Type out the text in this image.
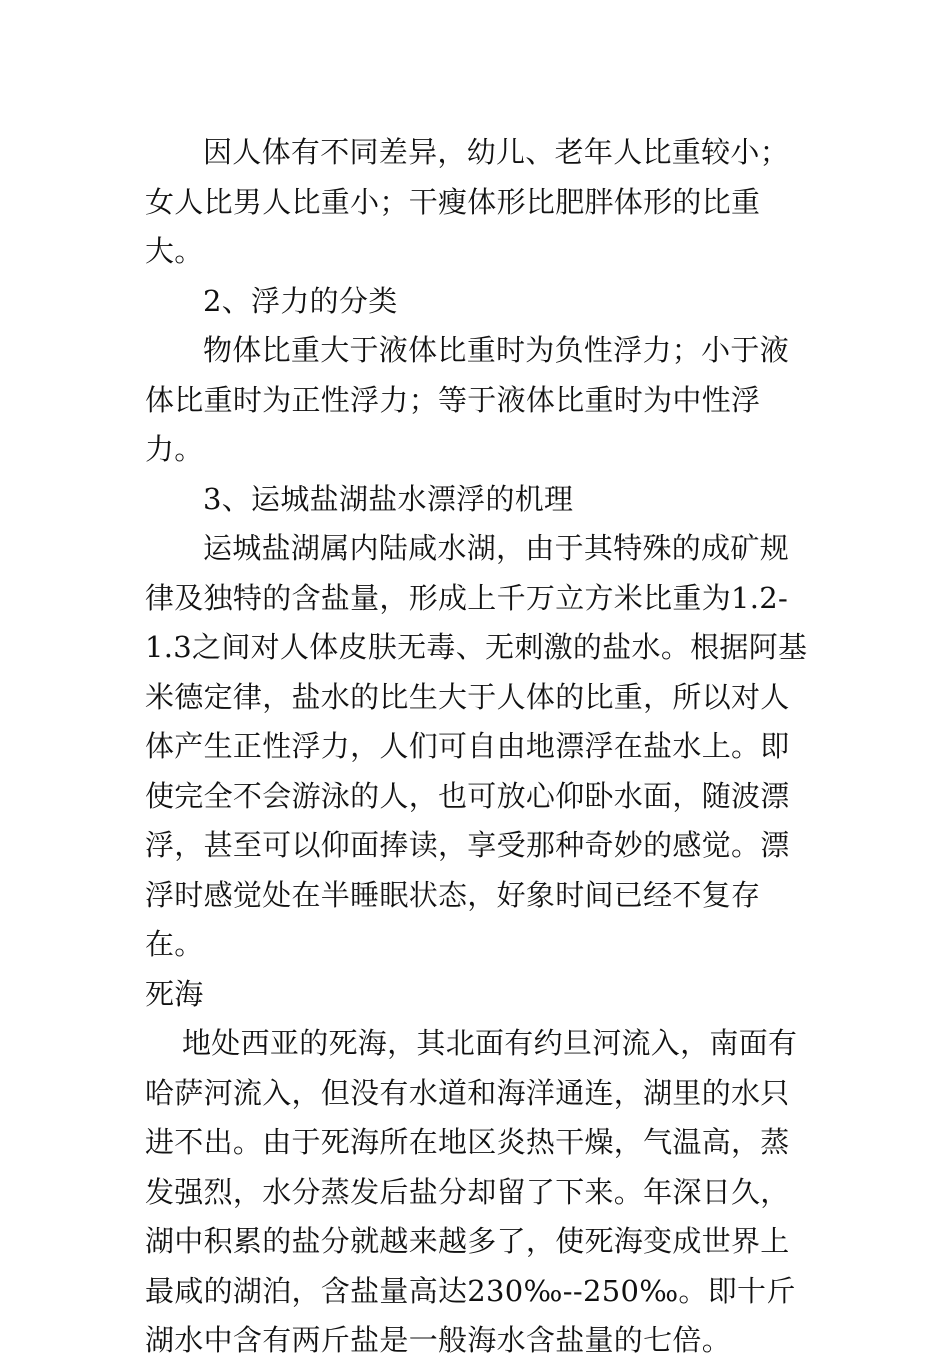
因人体有不同差异，幼儿、老年人比重较小；女人比男人比重小；干瘦体形比肥胖体形的比重大。

2、浮力的分类

物体比重大于液体比重时为负性浮力；小于液体比重时为正性浮力；等于液体比重时为中性浮力。

3、运城盐湖盐水漂浮的机理

运城盐湖属内陆咸水湖，由于其特殊的成矿规律及独特的含盐量，形成上千万立方米比重为1.2-1.3之间对人体皮肤无毒、无刺激的盐水。根据阿基米德定律，盐水的比生大于人体的比重，所以对人体产生正性浮力，人们可自由地漂浮在盐水上。即使完全不会游泳的人，也可放心仰卧水面，随波漂浮，甚至可以仰面捧读，享受那种奇妙的感觉。漂浮时感觉处在半睡眠状态，好象时间已经不复存在。

死海

地处西亚的死海，其北面有约旦河流入，南面有哈萨河流入，但没有水道和海洋通连，湖里的水只进不出。由于死海所在地区炎热干燥，气温高，蒸发强烈，水分蒸发后盐分却留了下来。年深日久，湖中积累的盐分就越来越多了，使死海变成世界上最咸的湖泊，含盐量高达230‰--250‰。即十斤湖水中含有两斤盐是一般海水含盐量的七倍。
